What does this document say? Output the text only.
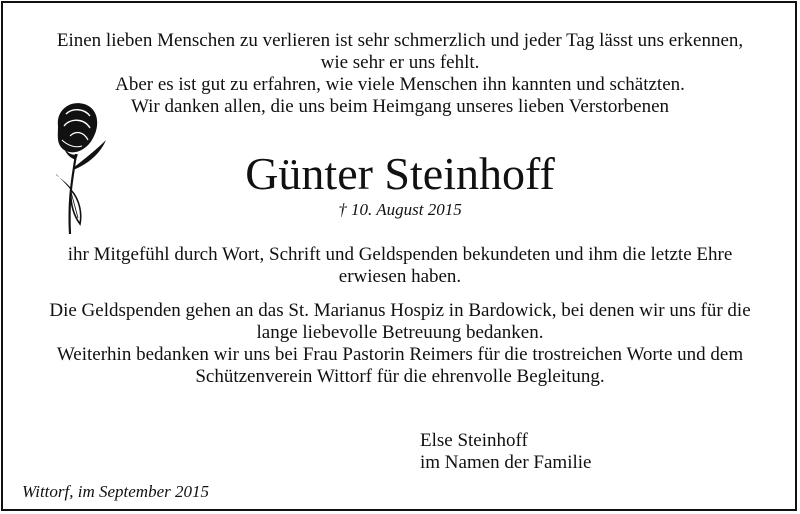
Einen lieben Menschen zu verlieren ist sehr schmerzlich und jeder Tag lässt uns erkennen,
wie sehr er uns fehlt.
Aber es ist gut zu erfahren, wie viele Menschen ihn kannten und schätzten.
Wir danken allen, die uns beim Heimgang unseres lieben Verstorbenen
Günter Steinhoff
† 10. August 2015
ihr Mitgefühl durch Wort, Schrift und Geldspenden bekundeten und ihm die letzte Ehre
erwiesen haben.
Die Geldspenden gehen an das St. Marianus Hospiz in Bardowick, bei denen wir uns für die
lange liebevolle Betreuung bedanken.
Weiterhin bedanken wir uns bei Frau Pastorin Reimers für die trostreichen Worte und dem
Schützenverein Wittorf für die ehrenvolle Begleitung.
Else Steinhoff
im Namen der Familie
Wittorf, im September 2015
